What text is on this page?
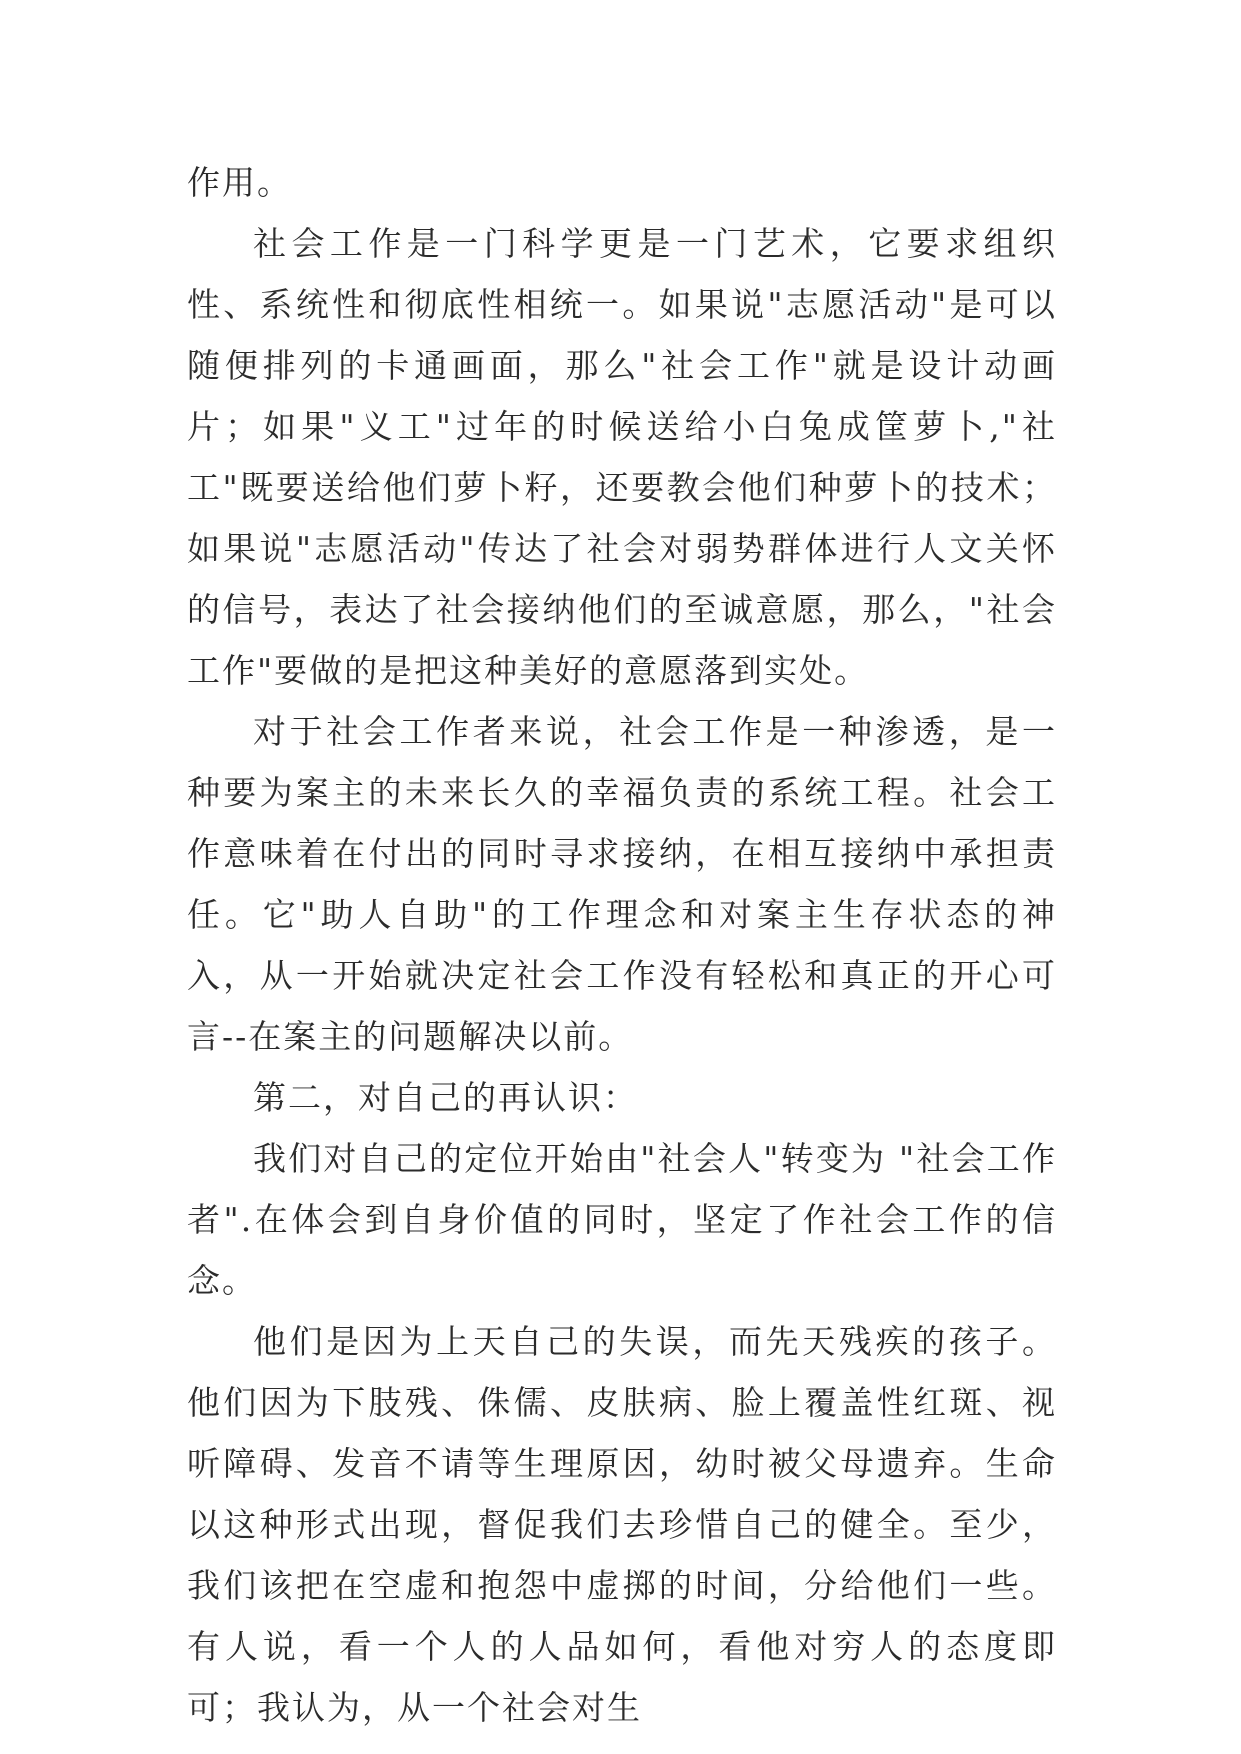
作用。

社会工作是一门科学更是一门艺术，它要求组织性、系统性和彻底性相统一。如果说"志愿活动"是可以随便排列的卡通画面，那么"社会工作"就是设计动画片；如果"义工"过年的时候送给小白兔成筐萝卜,"社工"既要送给他们萝卜籽，还要教会他们种萝卜的技术；如果说"志愿活动"传达了社会对弱势群体进行人文关怀的信号，表达了社会接纳他们的至诚意愿，那么，"社会工作"要做的是把这种美好的意愿落到实处。

对于社会工作者来说，社会工作是一种渗透，是一种要为案主的未来长久的幸福负责的系统工程。社会工作意味着在付出的同时寻求接纳，在相互接纳中承担责任。它"助人自助"的工作理念和对案主生存状态的神入，从一开始就决定社会工作没有轻松和真正的开心可言--在案主的问题解决以前。

第二，对自己的再认识：

我们对自己的定位开始由"社会人"转变为 "社会工作者".在体会到自身价值的同时，坚定了作社会工作的信念。

他们是因为上天自己的失误，而先天残疾的孩子。他们因为下肢残、侏儒、皮肤病、脸上覆盖性红斑、视听障碍、发音不请等生理原因，幼时被父母遗弃。生命以这种形式出现，督促我们去珍惜自己的健全。至少，我们该把在空虚和抱怨中虚掷的时间，分给他们一些。有人说，看一个人的人品如何，看他对穷人的态度即可；我认为，从一个社会对生
